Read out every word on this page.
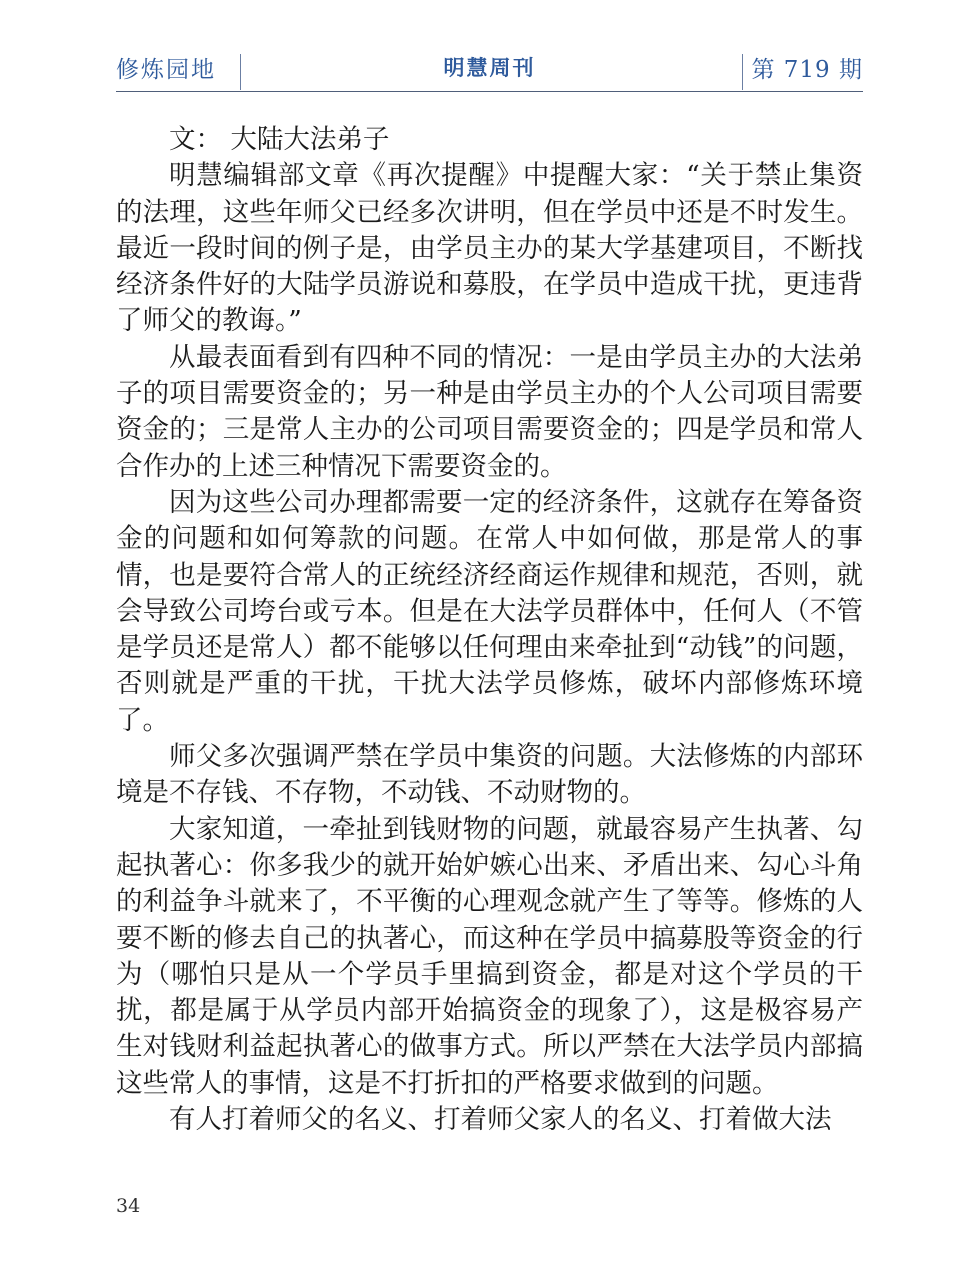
修炼园地	明慧周刊	第 719 期

文： 大陆大法弟子

明慧编辑部文章《再次提醒》中提醒大家：“关于禁止集资的法理，这些年师父已经多次讲明，但在学员中还是不时发生。最近一段时间的例子是，由学员主办的某大学基建项目，不断找经济条件好的大陆学员游说和募股，在学员中造成干扰，更违背了师父的教诲。”

从最表面看到有四种不同的情况：一是由学员主办的大法弟子的项目需要资金的；另一种是由学员主办的个人公司项目需要资金的；三是常人主办的公司项目需要资金的；四是学员和常人合作办的上述三种情况下需要资金的。

因为这些公司办理都需要一定的经济条件，这就存在筹备资金的问题和如何筹款的问题。在常人中如何做，那是常人的事情，也是要符合常人的正统经济经商运作规律和规范，否则，就会导致公司垮台或亏本。但是在大法学员群体中，任何人（不管是学员还是常人）都不能够以任何理由来牵扯到“动钱”的问题，否则就是严重的干扰，干扰大法学员修炼，破坏内部修炼环境了。

师父多次强调严禁在学员中集资的问题。大法修炼的内部环境是不存钱、不存物，不动钱、不动财物的。

大家知道，一牵扯到钱财物的问题，就最容易产生执著、勾起执著心：你多我少的就开始妒嫉心出来、矛盾出来、勾心斗角的利益争斗就来了，不平衡的心理观念就产生了等等。修炼的人要不断的修去自己的执著心，而这种在学员中搞募股等资金的行为（哪怕只是从一个学员手里搞到资金，都是对这个学员的干扰，都是属于从学员内部开始搞资金的现象了），这是极容易产生对钱财利益起执著心的做事方式。所以严禁在大法学员内部搞这些常人的事情，这是不打折扣的严格要求做到的问题。

有人打着师父的名义、打着师父家人的名义、打着做大法

34
